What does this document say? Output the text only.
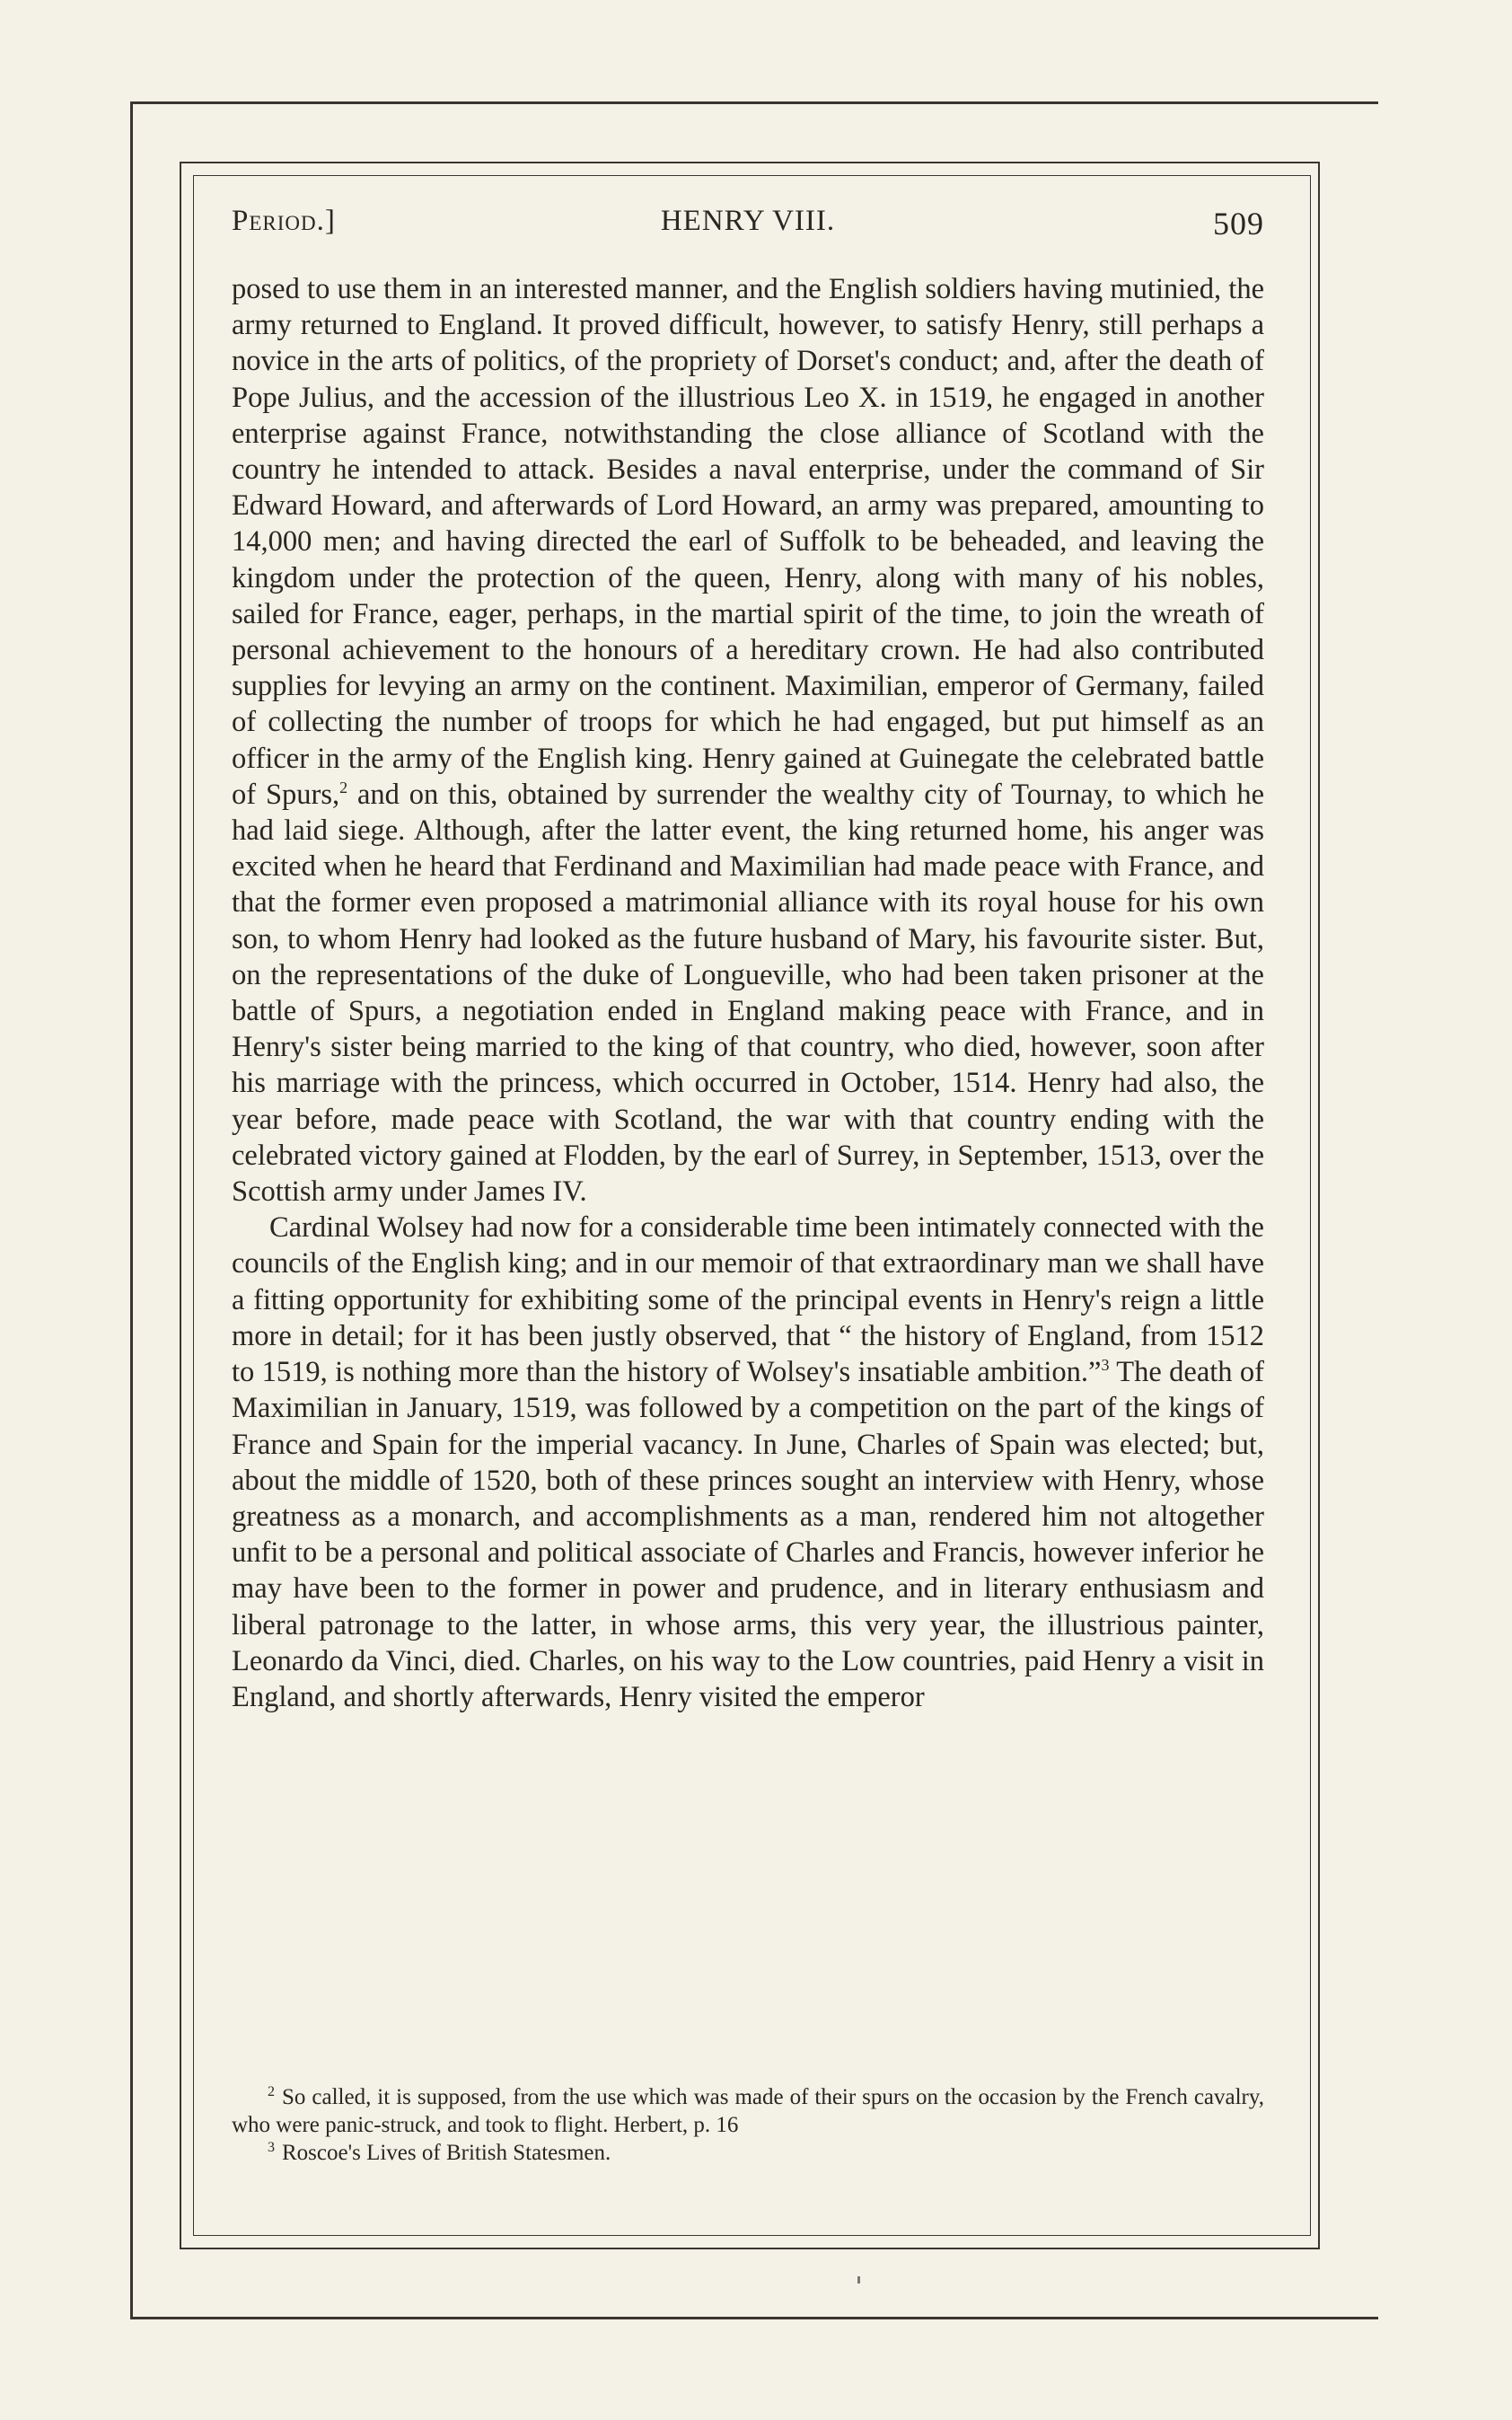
Period.]	HENRY VIII.	509

posed to use them in an interested manner, and the English soldiers having mutinied, the army returned to England. It proved difficult, however, to satisfy Henry, still perhaps a novice in the arts of politics, of the propriety of Dorset's conduct; and, after the death of Pope Julius, and the accession of the illustrious Leo X. in 1519, he engaged in another enterprise against France, notwithstanding the close alliance of Scotland with the country he intended to attack. Besides a naval enterprise, under the command of Sir Edward Howard, and afterwards of Lord Howard, an army was prepared, amounting to 14,000 men; and having directed the earl of Suffolk to be beheaded, and leaving the kingdom under the protection of the queen, Henry, along with many of his nobles, sailed for France, eager, perhaps, in the martial spirit of the time, to join the wreath of personal achievement to the honours of a hereditary crown. He had also contributed supplies for levying an army on the continent. Maximilian, emperor of Germany, failed of collecting the number of troops for which he had engaged, but put himself as an officer in the army of the English king. Henry gained at Guinegate the celebrated battle of Spurs,$^2$ and on this, obtained by surrender the wealthy city of Tournay, to which he had laid siege. Although, after the latter event, the king returned home, his anger was excited when he heard that Ferdinand and Maximilian had made peace with France, and that the former even proposed a matrimonial alliance with its royal house for his own son, to whom Henry had looked as the future husband of Mary, his favourite sister. But, on the representations of the duke of Longueville, who had been taken prisoner at the battle of Spurs, a negotiation ended in England making peace with France, and in Henry's sister being married to the king of that country, who died, however, soon after his marriage with the princess, which occurred in October, 1514. Henry had also, the year before, made peace with Scotland, the war with that country ending with the celebrated victory gained at Flodden, by the earl of Surrey, in September, 1513, over the Scottish army under James IV.

Cardinal Wolsey had now for a considerable time been intimately connected with the councils of the English king; and in our memoir of that extraordinary man we shall have a fitting opportunity for exhibiting some of the principal events in Henry's reign a little more in detail; for it has been justly observed, that “ the history of England, from 1512 to 1519, is nothing more than the history of Wolsey's insatiable ambition.”$^3$ The death of Maximilian in January, 1519, was followed by a competition on the part of the kings of France and Spain for the imperial vacancy. In June, Charles of Spain was elected; but, about the middle of 1520, both of these princes sought an interview with Henry, whose greatness as a monarch, and accomplishments as a man, rendered him not altogether unfit to be a personal and political associate of Charles and Francis, however inferior he may have been to the former in power and prudence, and in literary enthusiasm and liberal patronage to the latter, in whose arms, this very year, the illustrious painter, Leonardo da Vinci, died. Charles, on his way to the Low countries, paid Henry a visit in England, and shortly afterwards, Henry visited the emperor

$^2$ So called, it is supposed, from the use which was made of their spurs on the occasion by the French cavalry, who were panic-struck, and took to flight. Herbert, p. 16

$^3$ Roscoe's Lives of British Statesmen.
